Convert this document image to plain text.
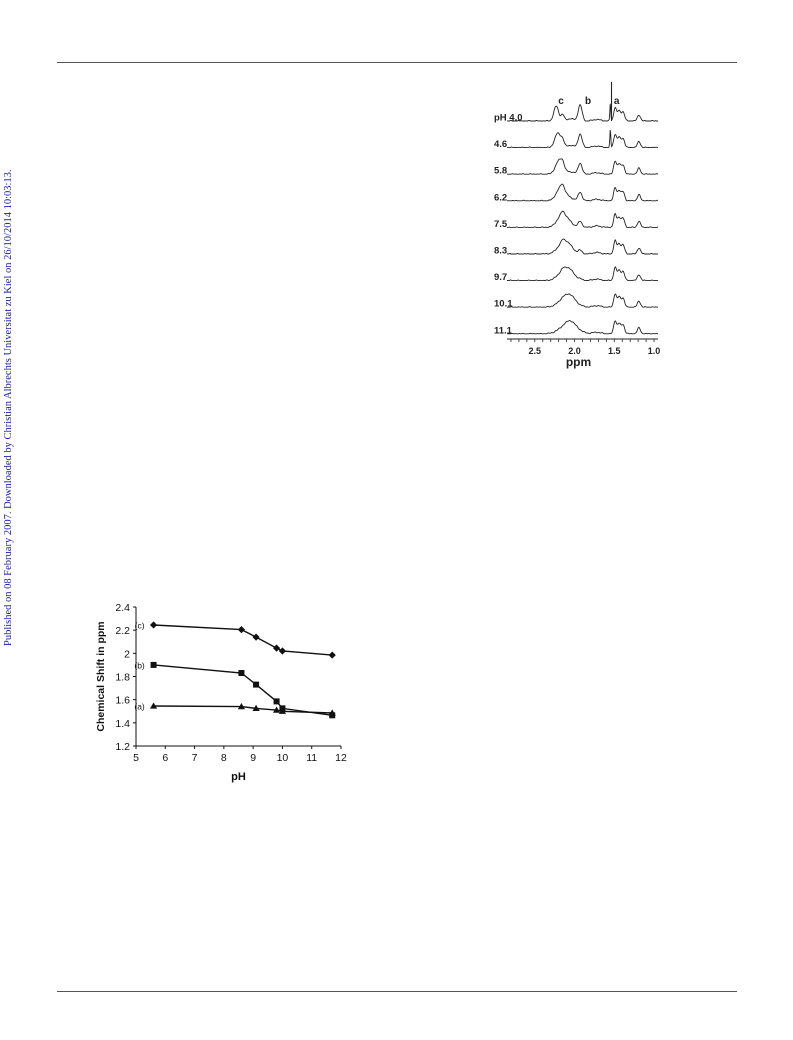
Published on 08 February 2007. Downloaded by Christian Albrechts Universitat zu Kiel on 26/10/2014 10:03:13.
c b a
pH 4.0
4.6
5.8
6.2
7.5
8.3
9.7
10.1
11.1
2.5	2.0	1.5	1.0
ppm
5 6 7 8 9 10 11 12
1.2
1.4
1.6
1.8
2
2.2
2.4
pH
Chemical Shift in ppm	(c)
(b)
(a)
